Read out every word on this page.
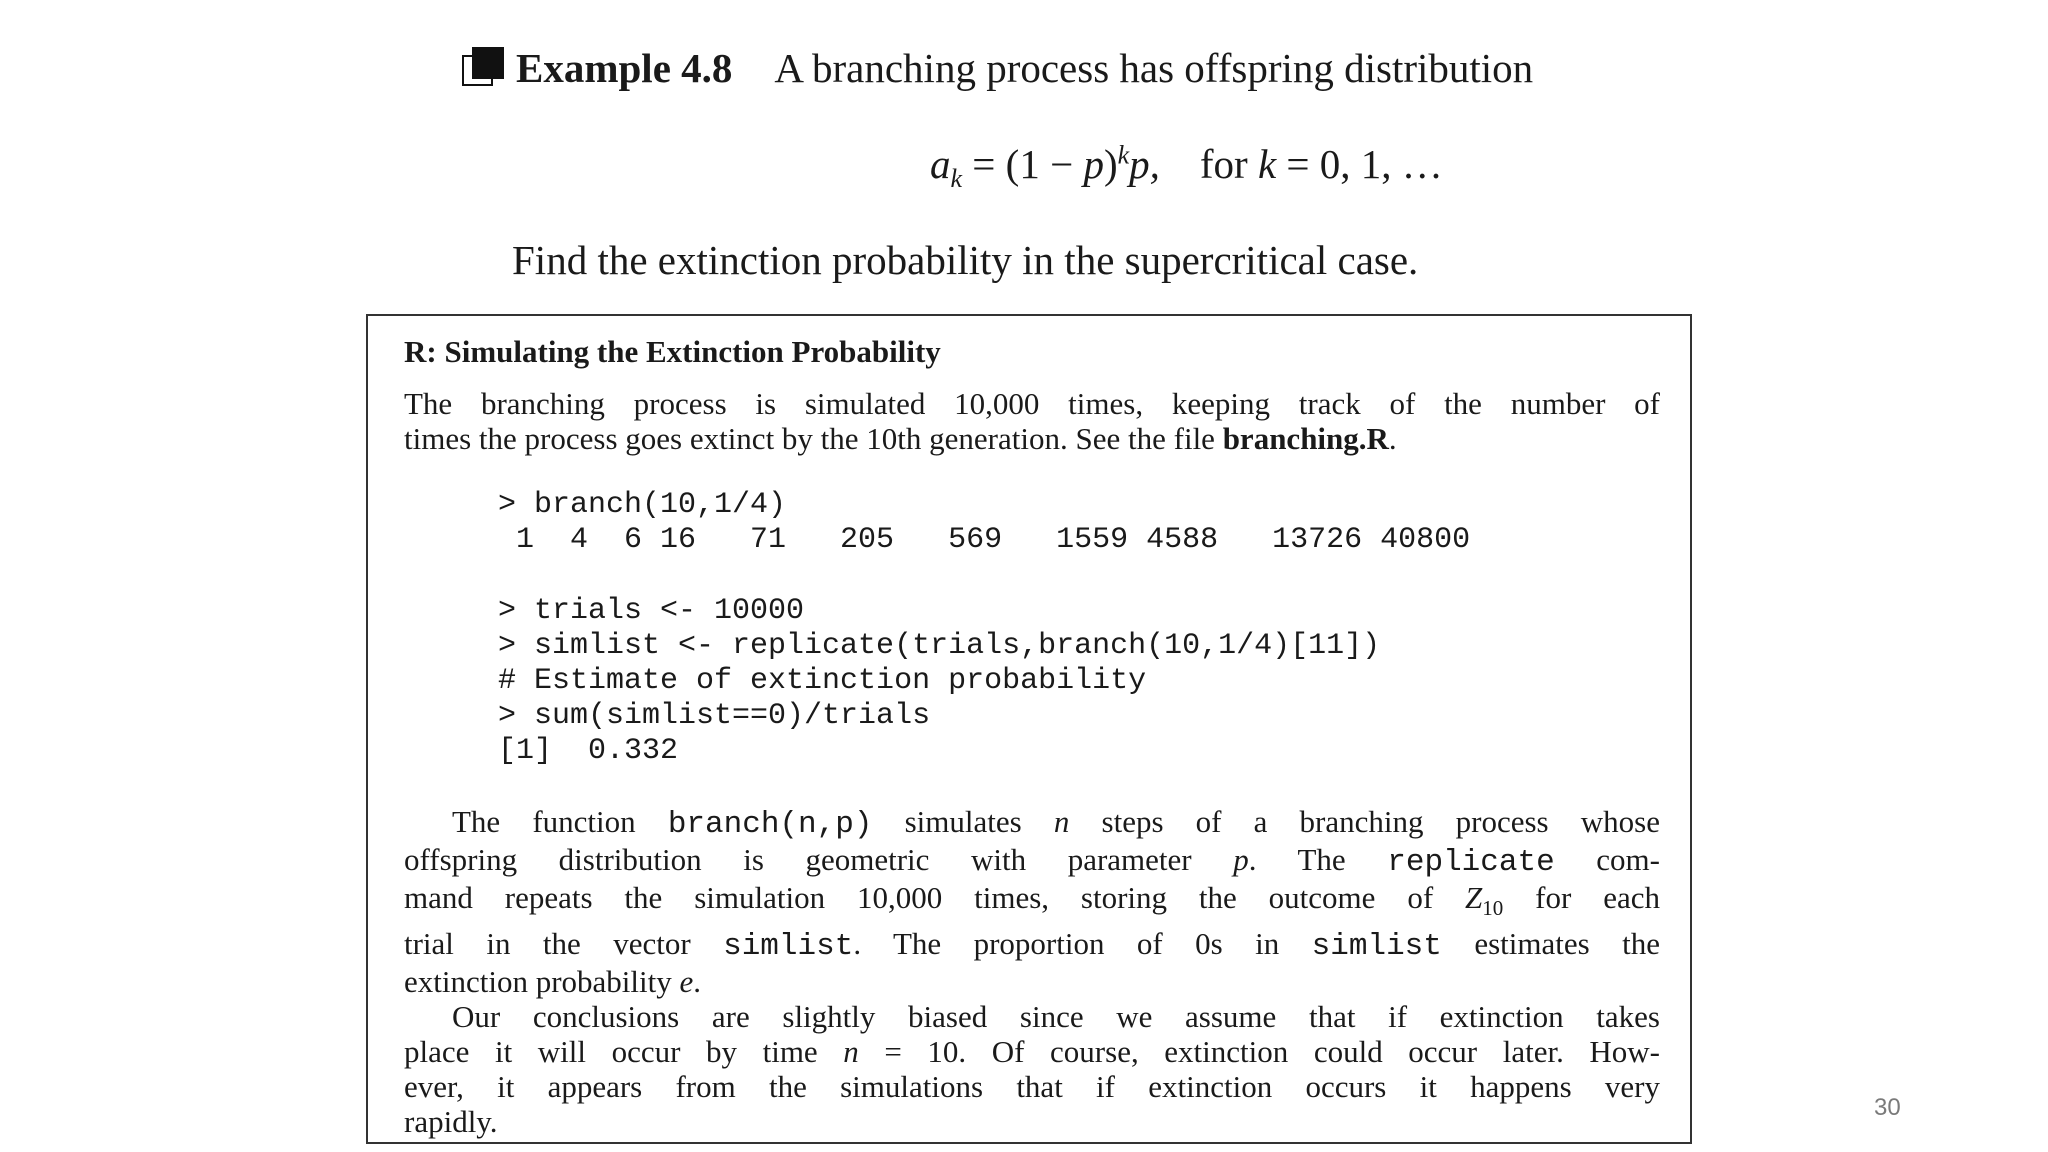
Example 4.8 A branching process has offspring distribution
$a_k = (1 - p)^kp$, for k = 0, 1, …
Find the extinction probability in the supercritical case.
R: Simulating the Extinction Probability
The branching process is simulated 10,000 times, keeping track of the number of
times the process goes extinct by the 10th generation. See the file branching.R.
> branch(10,1/4)
1  4  6 16   71   205   569   1559 4588   13726 40800
> trials <- 10000
> simlist <- replicate(trials,branch(10,1/4)[11])
# Estimate of extinction probability
> sum(simlist==0)/trials
[1]  0.332
The function branch(n,p) simulates n steps of a branching process whose
offspring distribution is geometric with parameter p. The replicate com-
mand repeats the simulation 10,000 times, storing the outcome of $Z_{10}$ for each
trial in the vector simlist. The proportion of 0s in simlist estimates the
extinction probability e.
Our conclusions are slightly biased since we assume that if extinction takes
place it will occur by time n = 10. Of course, extinction could occur later. How-
ever, it appears from the simulations that if extinction occurs it happens very
rapidly.	30
